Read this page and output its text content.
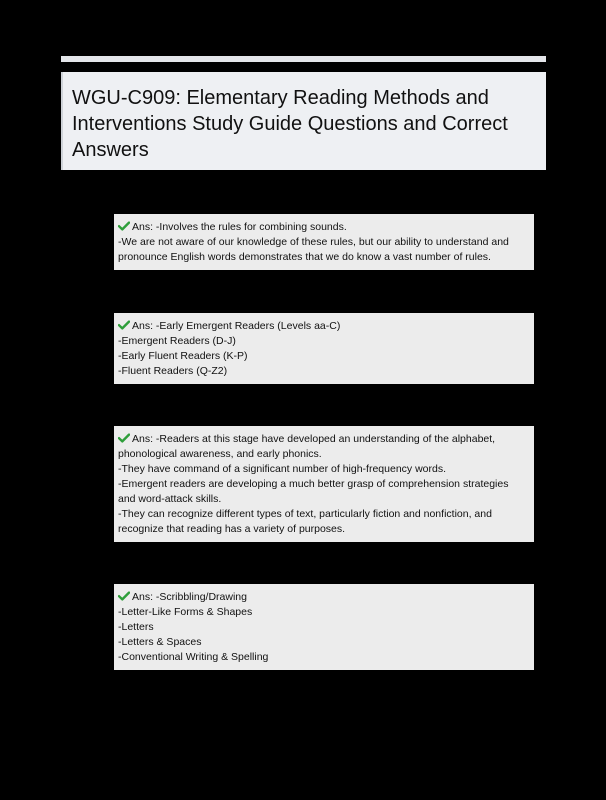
WGU-C909: Elementary Reading Methods and
Interventions Study Guide Questions and Correct
Answers
Ans: -Involves the rules for combining sounds.
-We are not aware of our knowledge of these rules, but our ability to understand and
pronounce English words demonstrates that we do know a vast number of rules.
Ans: -Early Emergent Readers (Levels aa-C)
-Emergent Readers (D-J)
-Early Fluent Readers (K-P)
-Fluent Readers (Q-Z2)
Ans: -Readers at this stage have developed an understanding of the alphabet,
phonological awareness, and early phonics.
-They have command of a significant number of high-frequency words.
-Emergent readers are developing a much better grasp of comprehension strategies
and word-attack skills.
-They can recognize different types of text, particularly fiction and nonfiction, and
recognize that reading has a variety of purposes.
Ans: -Scribbling/Drawing
-Letter-Like Forms & Shapes
-Letters
-Letters & Spaces
-Conventional Writing & Spelling
